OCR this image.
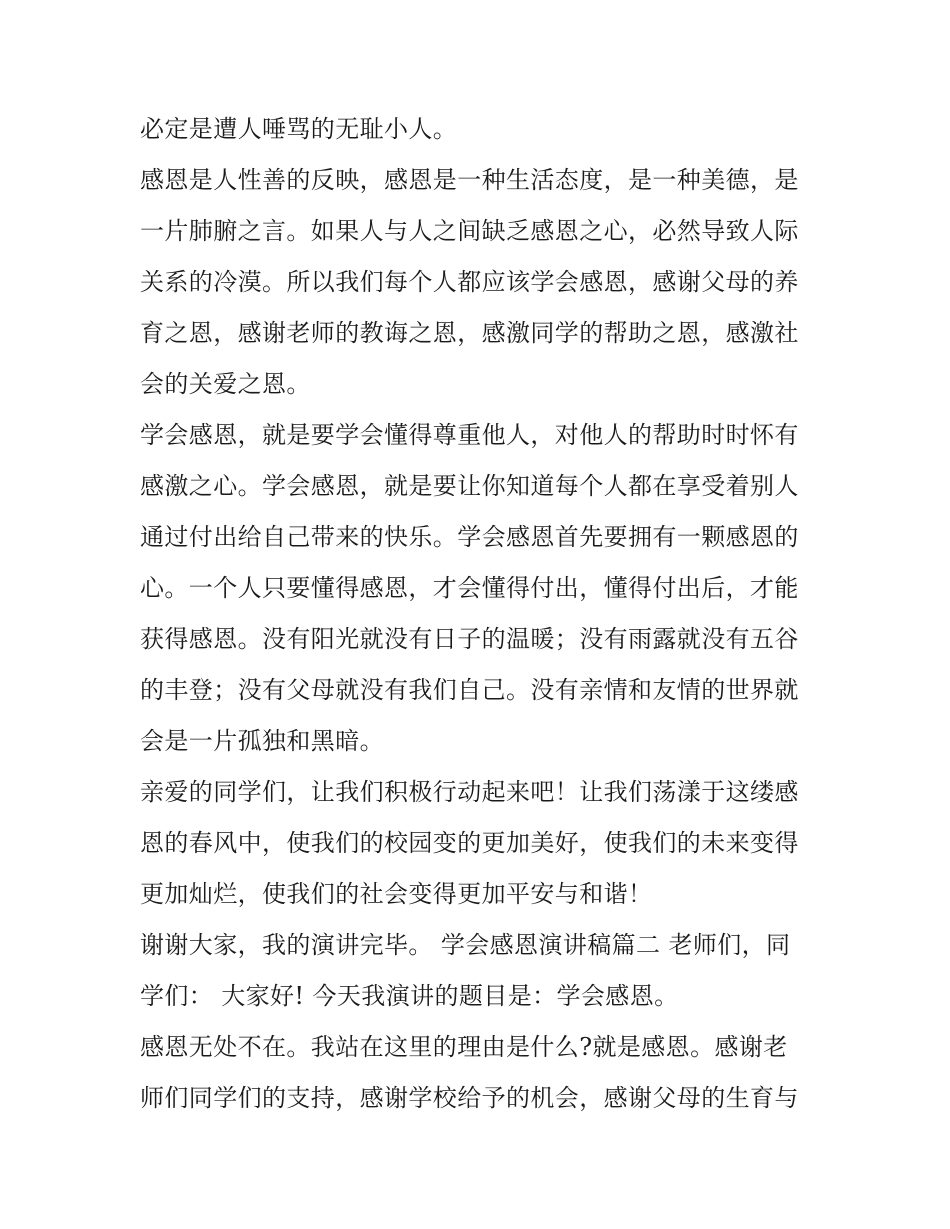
必定是遭人唾骂的无耻小人。
感恩是人性善的反映，感恩是一种生活态度，是一种美德，是
一片肺腑之言。如果人与人之间缺乏感恩之心，必然导致人际
关系的冷漠。所以我们每个人都应该学会感恩，感谢父母的养
育之恩，感谢老师的教诲之恩，感激同学的帮助之恩，感激社
会的关爱之恩。
学会感恩，就是要学会懂得尊重他人，对他人的帮助时时怀有
感激之心。学会感恩，就是要让你知道每个人都在享受着别人
通过付出给自己带来的快乐。学会感恩首先要拥有一颗感恩的
心。一个人只要懂得感恩，才会懂得付出，懂得付出后，才能
获得感恩。没有阳光就没有日子的温暖；没有雨露就没有五谷
的丰登；没有父母就没有我们自己。没有亲情和友情的世界就
会是一片孤独和黑暗。
亲爱的同学们，让我们积极行动起来吧！让我们荡漾于这缕感
恩的春风中，使我们的校园变的更加美好，使我们的未来变得
更加灿烂，使我们的社会变得更加平安与和谐！
谢谢大家，我的演讲完毕。 学会感恩演讲稿篇二 老师们，同
学们： 大家好! 今天我演讲的题目是：学会感恩。
感恩无处不在。我站在这里的理由是什么?就是感恩。感谢老
师们同学们的支持，感谢学校给予的机会，感谢父母的生育与
